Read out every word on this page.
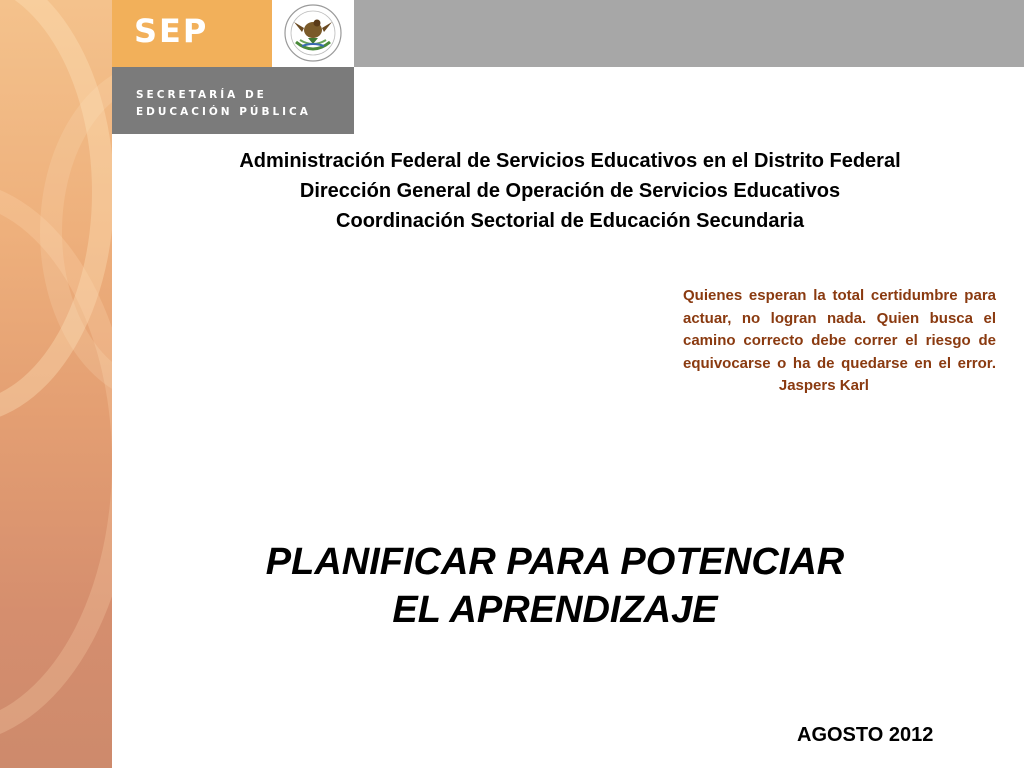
SEP
SECRETARÍA DE
EDUCACIÓN PÚBLICA
Administración Federal de Servicios Educativos en el Distrito Federal
Dirección General de Operación de Servicios Educativos
Coordinación Sectorial de Educación Secundaria
Quienes esperan la total certidumbre para actuar, no logran nada. Quien busca el camino correcto debe correr el riesgo de equivocarse o ha de quedarse en el error.                       Jaspers Karl
PLANIFICAR PARA POTENCIAR
EL APRENDIZAJE
AGOSTO 2012
